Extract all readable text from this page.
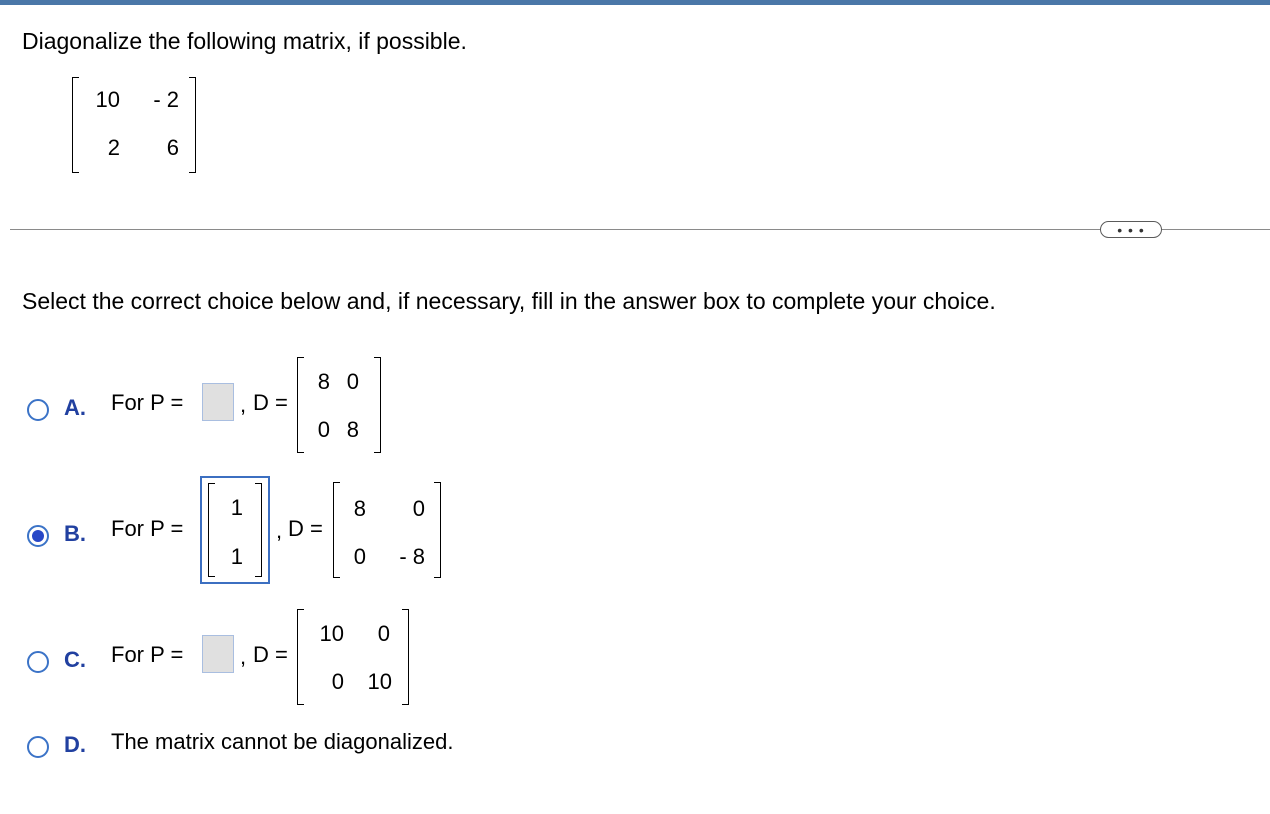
Diagonalize the following matrix, if possible.
10	- 2
2	6
• • •
Select the correct choice below and, if necessary, fill in the answer box to complete your choice.
A. For P =	, D =
8 0
0 8
B. For P =
1
1
, D =
8	0
0	- 8
C. For P =	, D =
10	0
0	10
D. The matrix cannot be diagonalized.
